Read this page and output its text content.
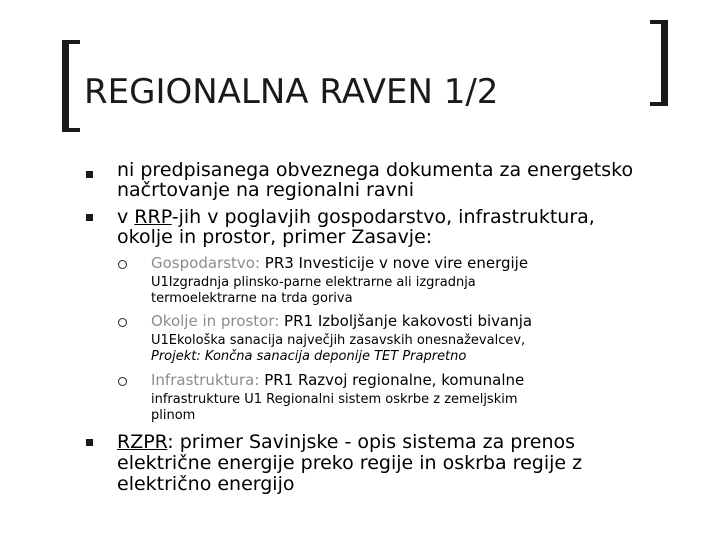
REGIONALNA RAVEN 1/2
ni predpisanega obveznega dokumenta za energetsko
načrtovanje na regionalni ravni
v RRP-jih v poglavjih gospodarstvo, infrastruktura,
okolje in prostor, primer Zasavje:
Gospodarstvo: PR3 Investicije v nove vire energije
U1Izgradnja plinsko-parne elektrarne ali izgradnja
termoelektrarne na trda goriva
Okolje in prostor: PR1 Izboljšanje kakovosti bivanja
U1Ekološka sanacija največjih zasavskih onesnaževalcev,
Projekt: Končna sanacija deponije TET Prapretno
Infrastruktura: PR1 Razvoj regionalne, komunalne
infrastrukture U1 Regionalni sistem oskrbe z zemeljskim
plinom
RZPR: primer Savinjske - opis sistema za prenos
električne energije preko regije in oskrba regije z
električno energijo
